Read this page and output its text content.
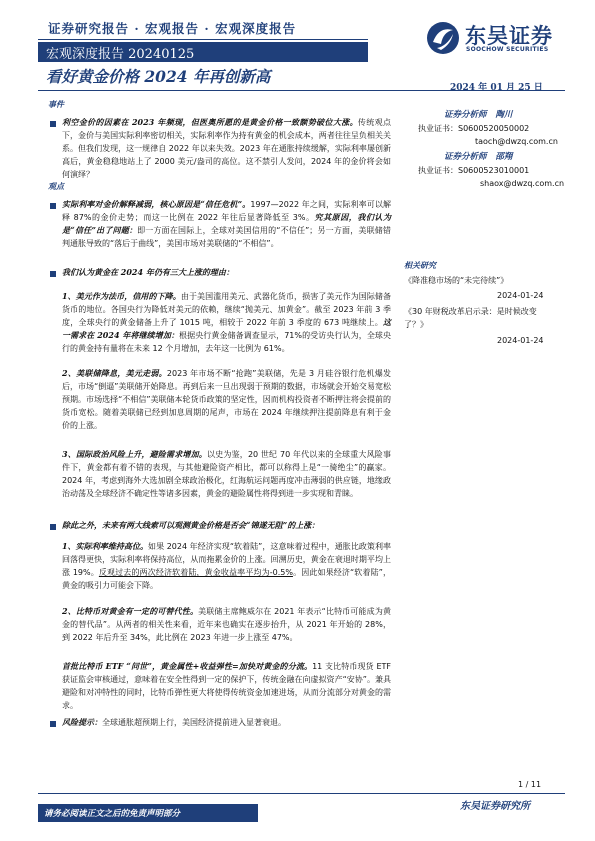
证券研究报告 · 宏观报告 · 宏观深度报告	东吴证券
SOOCHOW SECURITIES
宏观深度报告 20240125
看好黄金价格 2024 年再创新高
2024 年 01 月 25 日
证券分析师 陶川
执业证书：S0600520050002
taoch@dwzq.com.cn
证券分析师 邵翔
执业证书：S0600523010001
shaox@dwzq.com.cn
相关研究
《降准稳市场的“未完待续”》
2024-01-24
《30 年财税改革启示录：是时候改变了？》
2024-01-24
事件
利空金价的因素在 2023 年频现，但医奥所愿的是黄金价格一致额势破位大涨。传统观点下，金价与美国实际利率密切相关，实际利率作为持有黄金的机会成本，两者往往呈负相关关系。但我们发现，这一规律自 2022 年以来失效。2023 年在通胀持续缓解，实际利率屡创新高后，黄金稳稳地站上了 2000 美元/盎司的高位。这不禁引人发问，2024 年的金价将会如何演绎？
观点
实际利率对金价解释减弱，核心原因是“信任危机”。1997—2022 年之间，实际利率可以解释 87%的金价走势；而这一比例在 2022 年往后显著降低至 3%。究其原因，我们认为是“信任”出了问题：即一方面在国际上，全球对美国信用的“不信任”；另一方面，美联储错判通胀导致的“落后于曲线”，美国市场对美联储的“不相信”。
我们认为黄金在 2024 年仍有三大上涨的理由：
1、美元作为法币，信用的下降。由于美国滥用美元、武器化货币，损害了美元作为国际储备货币的地位。各国央行为降低对美元的依赖，继续“抛美元、加黄金”。截至 2023 年前 3 季度，全球央行的黄金储备上升了 1015 吨，相较于 2022 年前 3 季度的 673 吨继续上。这一需求在 2024 年将继续增加：根据央行黄金储备调查显示，71%的受访央行认为，全球央行的黄金持有量将在未来 12 个月增加，去年这一比例为 61%。
2、美联储降息，美元走弱。2023 年市场不断“抢跑”美联储，先是 3 月硅谷银行危机爆发后，市场“倒逼”美联储开始降息。再到后来一旦出现弱于预期的数据，市场就会开始交易宽松预期。市场选择“不相信”美联储本轮货币政策的坚定性，因而机构投资者不断押注将会提前的货币宽松。随着美联储已经到加息周期的尾声，市场在 2024 年继续押注提前降息有利于金价的上涨。
3、国际政治风险上升，避险需求增加。以史为鉴，20 世纪 70 年代以来的全球重大风险事件下，黄金都有着不错的表现，与其他避险资产相比，都可以称得上是“一骑绝尘”的赢家。2024 年，考虑到海外大选加剧全球政治极化，红海航运问题再度冲击薄弱的供应链，地缘政治动荡及全球经济不确定性等诸多因素，黄金的避险属性将得到进一步实现和青睐。
除此之外，未来有两大线索可以观测黄金价格是否会“锦遂无阻”的上涨：
1、实际利率维持高位。如果 2024 年经济实现“软着陆”，这意味着过程中，通胀比政策利率回落得更快，实际利率将保持高位，从而拖累金价的上涨。回溯历史，黄金在衰退时期平均上涨 19%。反观过去的两次经济软着陆，黄金收益率平均为-0.5%。因此如果经济“软着陆”，黄金的吸引力可能会下降。
2、比特币对黄金有一定的可替代性。美联储主席鲍威尔在 2021 年表示“比特币可能成为黄金的替代品”。从两者的相关性来看，近年来也确实在逐步抬升，从 2021 年开始的 28%，到 2022 年后升至 34%，此比例在 2023 年进一步上涨至 47%。
首批比特币 ETF “问世”，黄金属性+收益弹性=加快对黄金的分流。11 支比特币现货 ETF 获证监会审核通过，意味着在安全性得到一定的保护下，传统金融在向虚拟资产“安协”。兼具避险和对冲特性的同时，比特币弹性更大将使得传统资金加速进场，从而分流部分对黄金的需求。
风险提示：全球通胀超预期上行，美国经济提前进入显著衰退。
1 / 11
请务必阅读正文之后的免责声明部分
东吴证券研究所
